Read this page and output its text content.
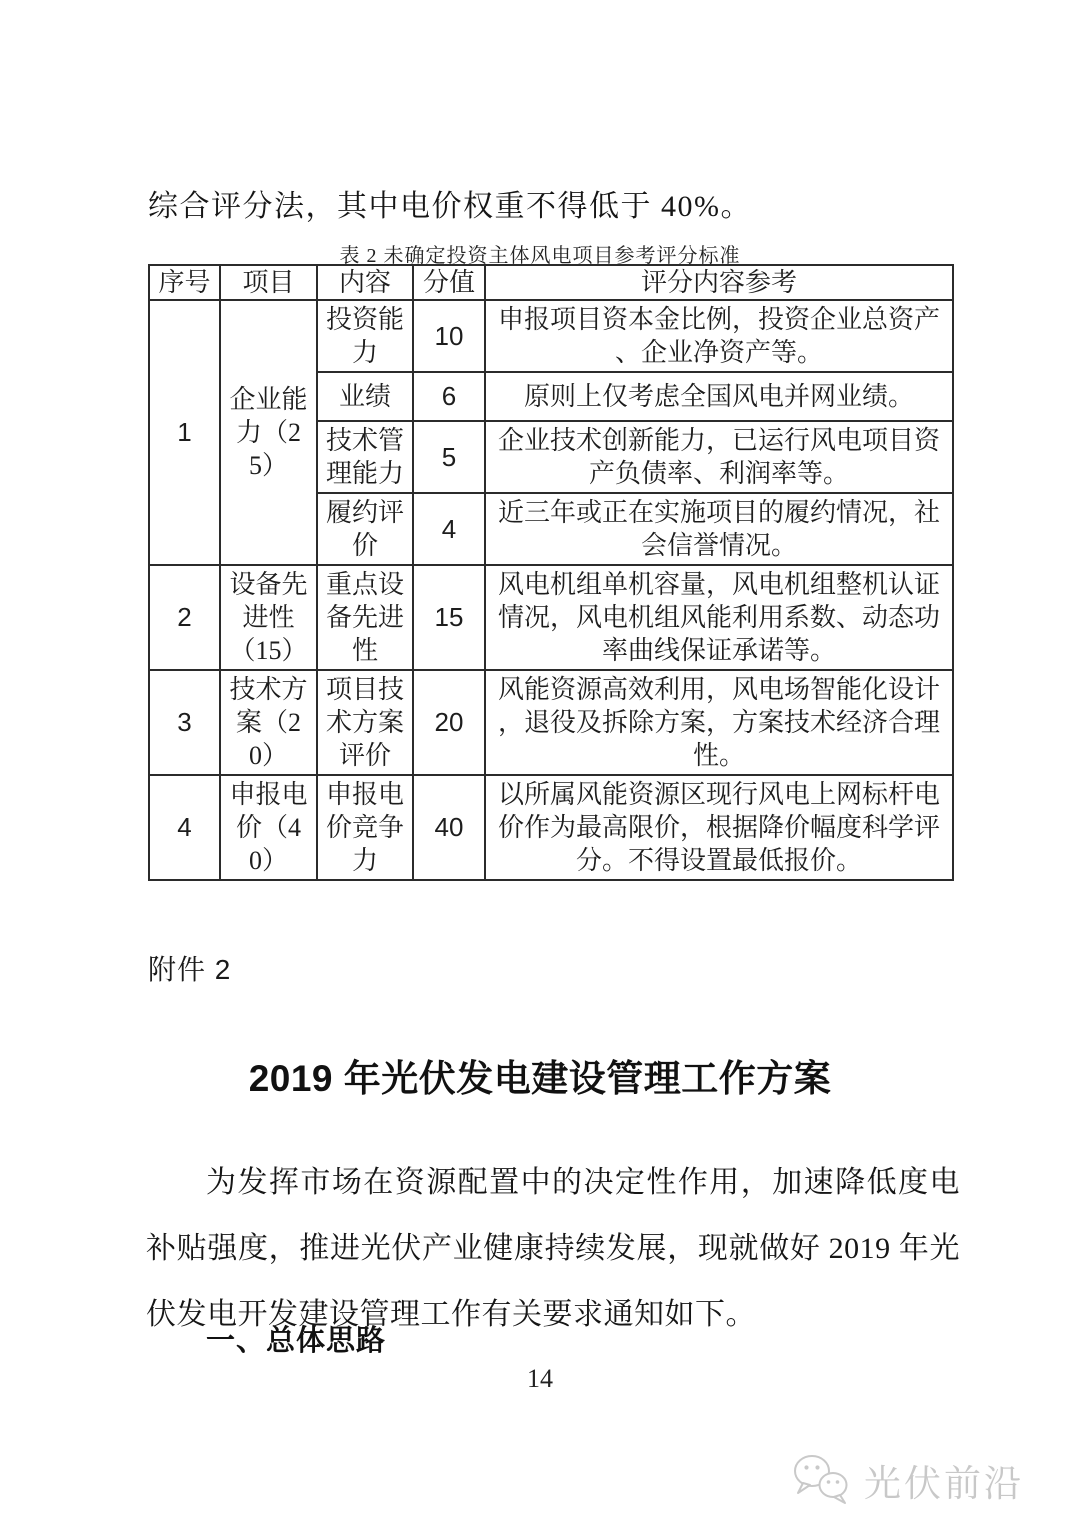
综合评分法，其中电价权重不得低于 40%。
表 2 未确定投资主体风电项目参考评分标准
序号	项目	内容	分值	评分内容参考
1	企业能力（25）	投资能力	10	申报项目资本金比例，投资企业总资产、企业净资产等。
		业绩	6	原则上仅考虑全国风电并网业绩。
		技术管理能力	5	企业技术创新能力，已运行风电项目资产负债率、利润率等。
		履约评价	4	近三年或正在实施项目的履约情况，社会信誉情况。
2	设备先进性（15）	重点设备先进性	15	风电机组单机容量，风电机组整机认证情况，风电机组风能利用系数、动态功率曲线保证承诺等。
3	技术方案（20）	项目技术方案评价	20	风能资源高效利用，风电场智能化设计，退役及拆除方案，方案技术经济合理性。
4	申报电价（40）	申报电价竞争力	40	以所属风能资源区现行风电上网标杆电价作为最高限价，根据降价幅度科学评分。不得设置最低报价。
附件 2
2019 年光伏发电建设管理工作方案
为发挥市场在资源配置中的决定性作用，加速降低度电补贴强度，推进光伏产业健康持续发展，现就做好 2019 年光伏发电开发建设管理工作有关要求通知如下。
一、总体思路
14
光伏前沿
